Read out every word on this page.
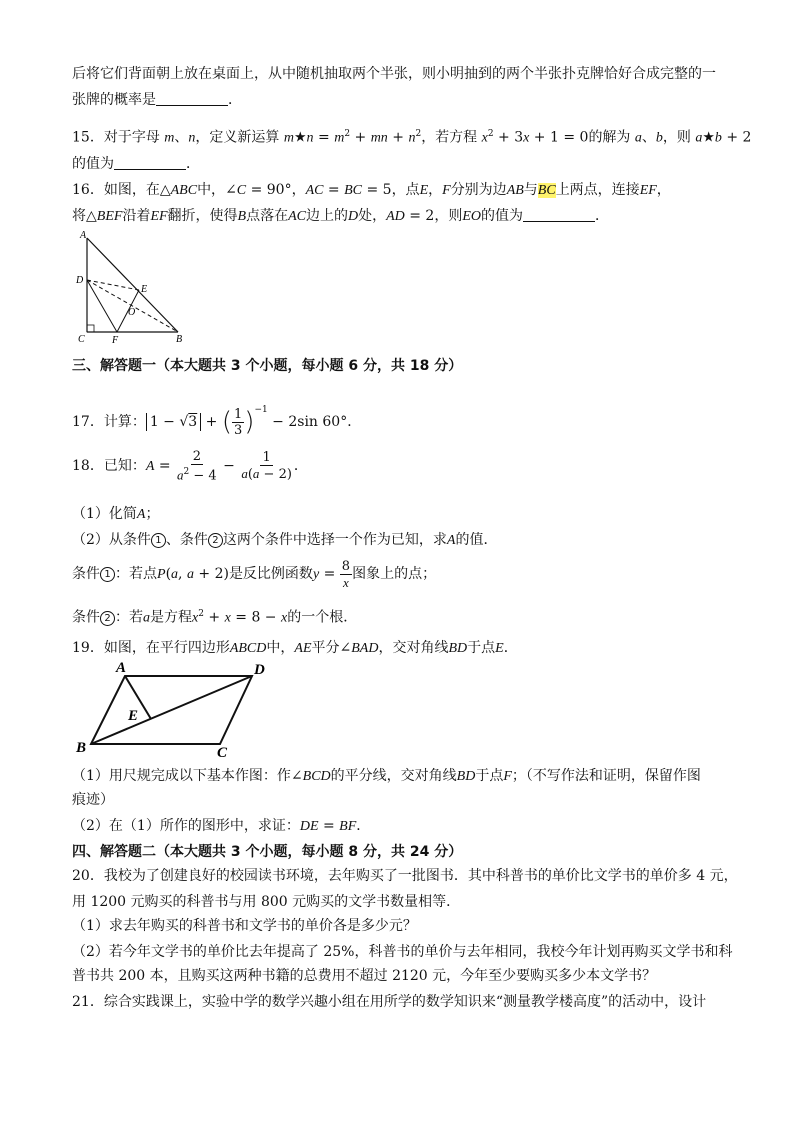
后将它们背面朝上放在桌面上，从中随机抽取两个半张，则小明抽到的两个半张扑克牌恰好合成完整的一
张牌的概率是	．
15．对于字母 m、n，定义新运算 m★n = $m^2$ + mn + $n^2$，若方程 $x^2 + 3x + 1 = 0$的解为 a、b，则 a★b + 2
的值为	．
16．如图，在△ABC中，∠C = 90°，AC = BC = 5，点E，F分别为边AB与BC上两点，连接EF，
将△BEF沿着EF翻折，使得B点落在AC边上的D处，AD = 2，则EO的值为	．
A
D
C	F
O
E
B
三、解答题一（本大题共 3 个小题，每小题 6 分，共 18 分）
17．计算： 1 − √3 + ( $\frac{1}{3} )^{-1} - 2\sin$ 60°．
18．已知：$A = \frac{2}{a^2 - 4} - \frac{1}{a(a - 2)}$ ．
（1）化简A；
（2）从条件 1 、条件 2 这两个条件中选择一个作为已知，求A的值．
条件 1 ：若点P(a, a + 2)是反比例函数$y = \frac{8}{x}$ 图象上的点；
条件 2 ：若a是方程$x^2 + x = 8 - x$的一个根．
19．如图，在平行四边形ABCD中，AE平分∠BAD，交对角线BD于点E．
A	D
E
B	C
（1）用尺规完成以下基本作图：作∠BCD的平分线，交对角线BD于点F；（不写作法和证明，保留作图
痕迹）
（2）在（1）所作的图形中，求证：DE = BF．
四、解答题二（本大题共 3 个小题，每小题 8 分，共 24 分）
20．我校为了创建良好的校园读书环境，去年购买了一批图书．其中科普书的单价比文学书的单价多 4 元，
用 1200 元购买的科普书与用 800 元购买的文学书数量相等．
（1）求去年购买的科普书和文学书的单价各是多少元？
（2）若今年文学书的单价比去年提高了 25%，科普书的单价与去年相同，我校今年计划再购买文学书和科
普书共 200 本，且购买这两种书籍的总费用不超过 2120 元，今年至少要购买多少本文学书？
21．综合实践课上，实验中学的数学兴趣小组在用所学的数学知识来“测量教学楼高度”的活动中，设计
